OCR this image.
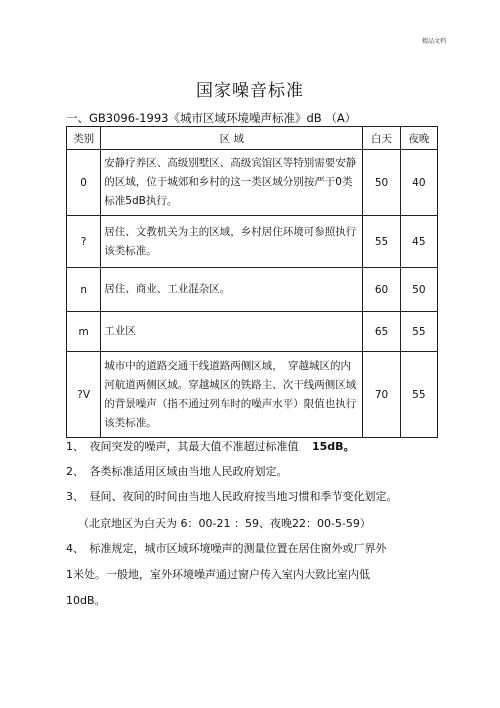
精品文档
国家噪音标准
一、GB3096-1993《城市区域环境噪声标准》dB （A）
类别	区 域	白天	夜晚
0	安静疗养区、高级别墅区、高级宾馆区等特别需要安静的区域，位于城郊和乡村的这一类区域分别按严于0类标准5dB执行。	50	40
?	居住、文教机关为主的区域，乡村居住环境可参照执行该类标准。	55	45
n	居住、商业、工业混杂区。	60	50
m	工业区	65	55
?V	城市中的道路交通干线道路两侧区域，　穿越城区的内河航道两侧区域。穿越城区的铁路主、次干线两侧区域的背景噪声（指不通过列车时的噪声水平）限值也执行该类标准。	70	55
1、　夜间突发的噪声，其最大值不准超过标准值 15dB。
2、　各类标准适用区域由当地人民政府划定。
3、　昼间、夜间的时间由当地人民政府按当地习惯和季节变化划定。
（北京地区为白天为 6：00-21 ：59、夜晚22：00-5-59）
4、　标准规定，城市区域环境噪声的测量位置在居住窗外或厂界外
1米处。一般地，室外环境噪声通过窗户传入室内大致比室内低
10dB。
